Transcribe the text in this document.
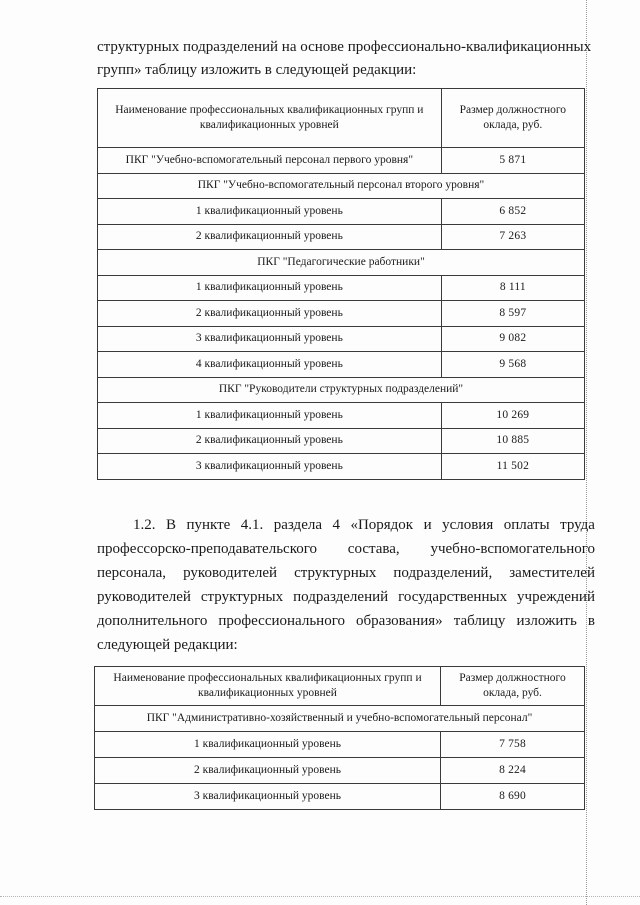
структурных подразделений на основе профессионально-квалификационных
групп» таблицу изложить в следующей редакции:
Наименование профессиональных квалификационных групп и квалификационных уровней	Размер должностного оклада, руб.
ПКГ "Учебно-вспомогательный персонал первого уровня"	5 871
ПКГ "Учебно-вспомогательный персонал второго уровня"	
1 квалификационный уровень	6 852
2 квалификационный уровень	7 263
ПКГ "Педагогические работники"	
1 квалификационный уровень	8 111
2 квалификационный уровень	8 597
3 квалификационный уровень	9 082
4 квалификационный уровень	9 568
ПКГ "Руководители структурных подразделений"	
1 квалификационный уровень	10 269
2 квалификационный уровень	10 885
3 квалификационный уровень	11 502
1.2. В пункте 4.1. раздела 4 «Порядок и условия оплаты труда
профессорско-преподавательского состава, учебно-вспомогательного
персонала, руководителей структурных подразделений, заместителей
руководителей структурных подразделений государственных учреждений
дополнительного профессионального образования» таблицу изложить в
следующей редакции:
Наименование профессиональных квалификационных групп и квалификационных уровней	Размер должностного оклада, руб.
ПКГ "Административно-хозяйственный и учебно-вспомогательный персонал"	
1 квалификационный уровень	7 758
2 квалификационный уровень	8 224
3 квалификационный уровень	8 690
